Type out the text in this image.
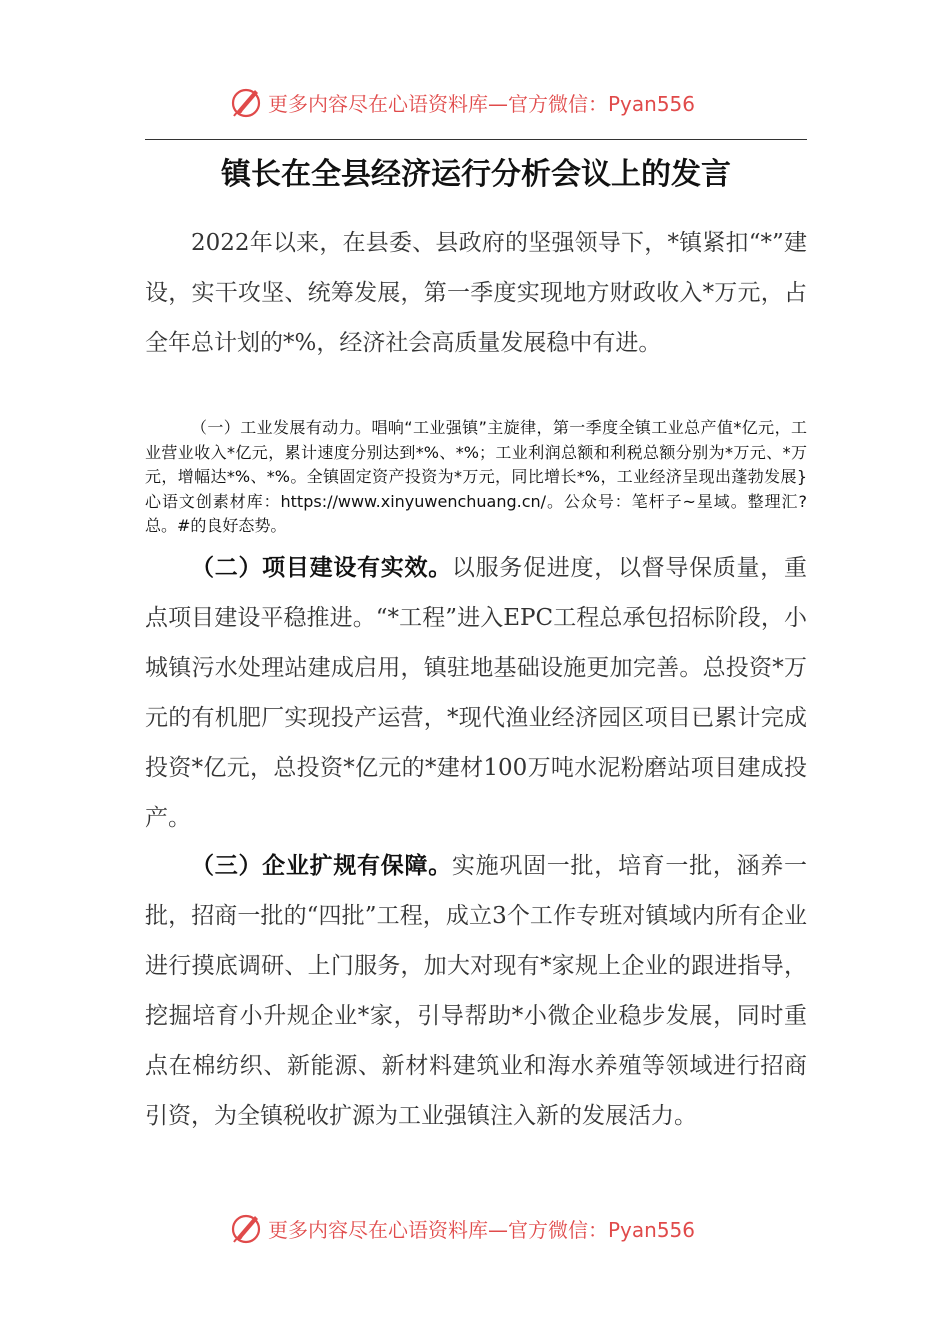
更多内容尽在心语资料库—官方微信：Pyan556
镇长在全县经济运行分析会议上的发言
2022年以来，在县委、县政府的坚强领导下，*镇紧扣“*”建设，实干攻坚、统筹发展，第一季度实现地方财政收入*万元，占全年总计划的*%，经济社会高质量发展稳中有进。
（一）工业发展有动力。唱响“工业强镇”主旋律，第一季度全镇工业总产值*亿元，工业营业收入*亿元，累计速度分别达到*%、*%；工业利润总额和利税总额分别为*万元、*万元，增幅达*%、*%。全镇固定资产投资为*万元，同比增长*%，工业经济呈现出蓬勃发展}心语文创素材库：https://www.xinyuwenchuang.cn/。公众号：笔杆子~星域。整理汇?总。#的良好态势。
（二）项目建设有实效。以服务促进度，以督导保质量，重点项目建设平稳推进。“*工程”进入EPC工程总承包招标阶段，小城镇污水处理站建成启用，镇驻地基础设施更加完善。总投资*万元的有机肥厂实现投产运营，*现代渔业经济园区项目已累计完成投资*亿元，总投资*亿元的*建材100万吨水泥粉磨站项目建成投产。
（三）企业扩规有保障。实施巩固一批，培育一批，涵养一批，招商一批的“四批”工程，成立3个工作专班对镇域内所有企业进行摸底调研、上门服务，加大对现有*家规上企业的跟进指导，挖掘培育小升规企业*家，引导帮助*小微企业稳步发展，同时重点在棉纺织、新能源、新材料建筑业和海水养殖等领域进行招商引资，为全镇税收扩源为工业强镇注入新的发展活力。
更多内容尽在心语资料库—官方微信：Pyan556
